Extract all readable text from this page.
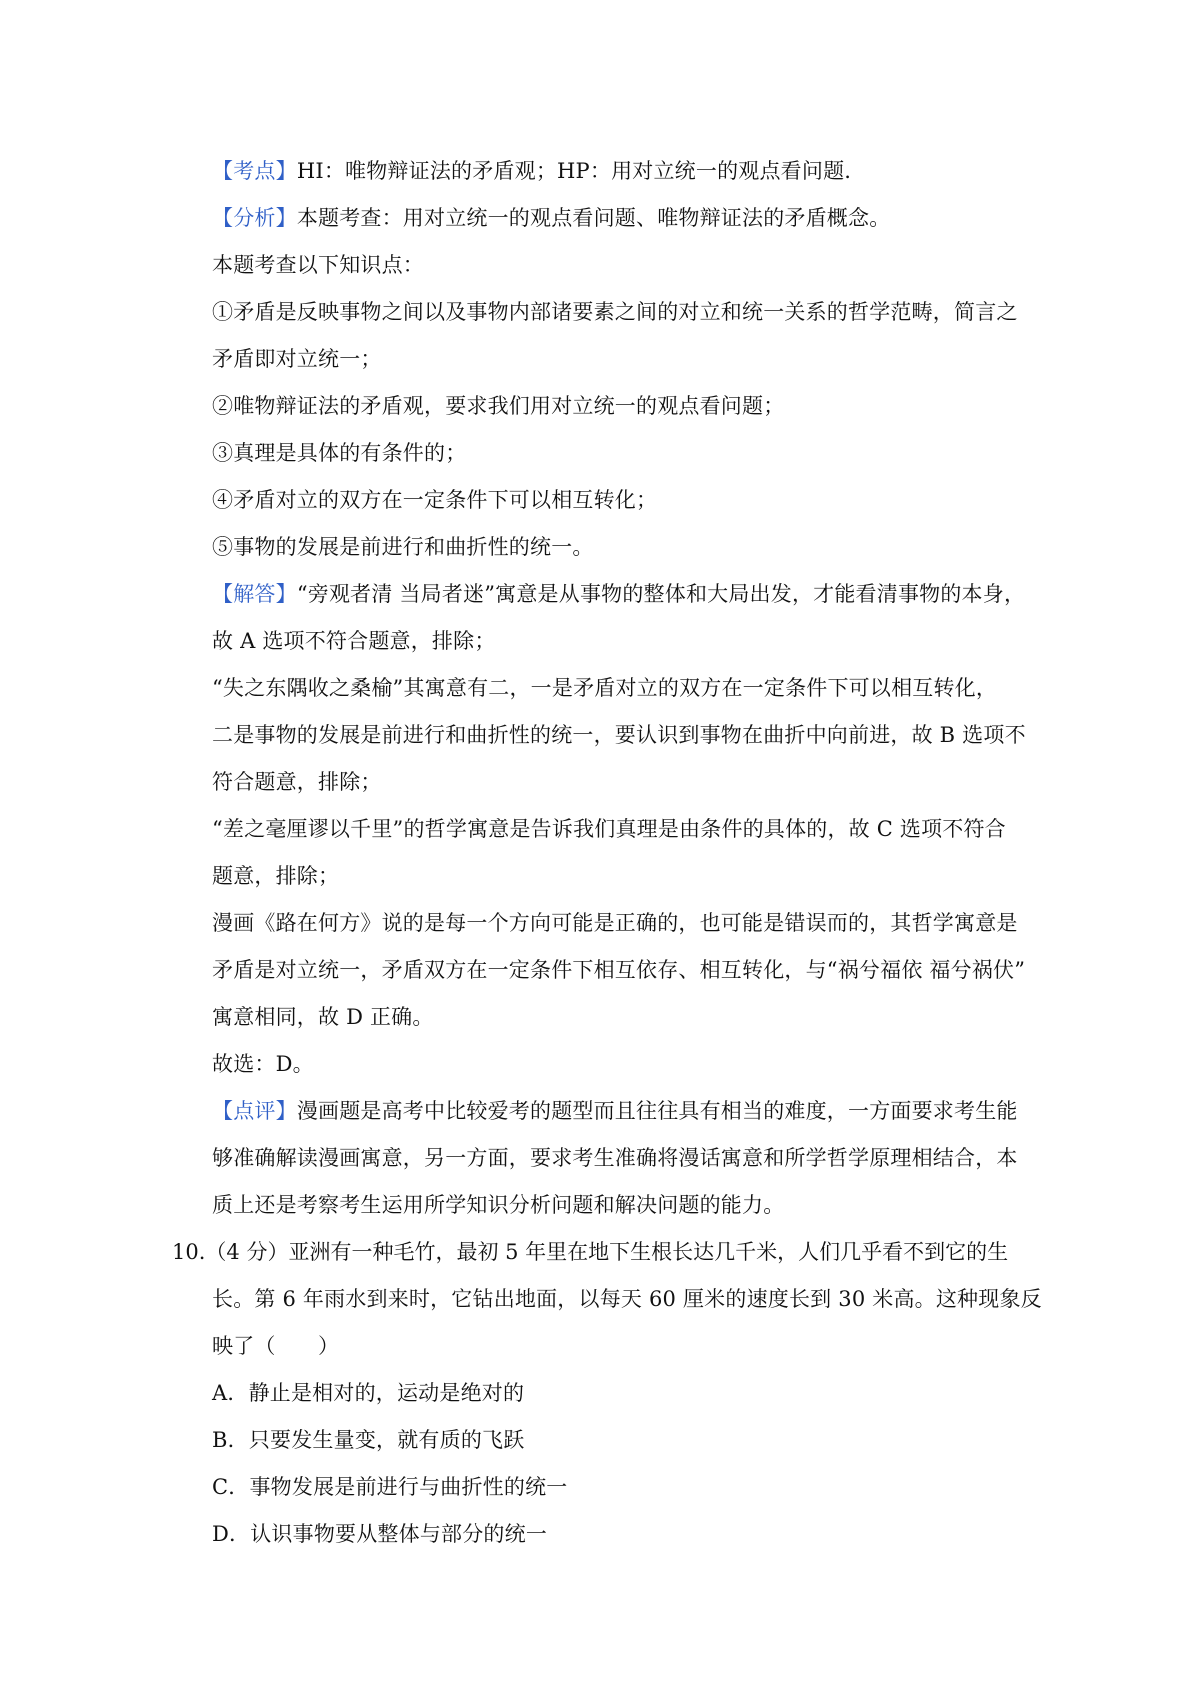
【考点】HI：唯物辩证法的矛盾观；HP：用对立统一的观点看问题.
【分析】本题考查：用对立统一的观点看问题、唯物辩证法的矛盾概念。
本题考查以下知识点：
①矛盾是反映事物之间以及事物内部诸要素之间的对立和统一关系的哲学范畴，简言之
矛盾即对立统一；
②唯物辩证法的矛盾观，要求我们用对立统一的观点看问题；
③真理是具体的有条件的；
④矛盾对立的双方在一定条件下可以相互转化；
⑤事物的发展是前进行和曲折性的统一。
【解答】“旁观者清 当局者迷”寓意是从事物的整体和大局出发，才能看清事物的本身，
故 A 选项不符合题意，排除；
“失之东隅收之桑榆”其寓意有二，一是矛盾对立的双方在一定条件下可以相互转化，
二是事物的发展是前进行和曲折性的统一，要认识到事物在曲折中向前进，故 B 选项不
符合题意，排除；
“差之毫厘谬以千里”的哲学寓意是告诉我们真理是由条件的具体的，故 C 选项不符合
题意，排除；
漫画《路在何方》说的是每一个方向可能是正确的，也可能是错误而的，其哲学寓意是
矛盾是对立统一，矛盾双方在一定条件下相互依存、相互转化，与“祸兮福依 福兮祸伏”
寓意相同，故 D 正确。
故选：D。
【点评】漫画题是高考中比较爱考的题型而且往往具有相当的难度，一方面要求考生能
够准确解读漫画寓意，另一方面，要求考生准确将漫话寓意和所学哲学原理相结合，本
质上还是考察考生运用所学知识分析问题和解决问题的能力。
10.（4 分）亚洲有一种毛竹，最初 5 年里在地下生根长达几千米，人们几乎看不到它的生
长。第 6 年雨水到来时，它钻出地面，以每天 60 厘米的速度长到 30 米高。这种现象反
映了（　　）
A．静止是相对的，运动是绝对的
B．只要发生量变，就有质的飞跃
C．事物发展是前进行与曲折性的统一
D．认识事物要从整体与部分的统一
